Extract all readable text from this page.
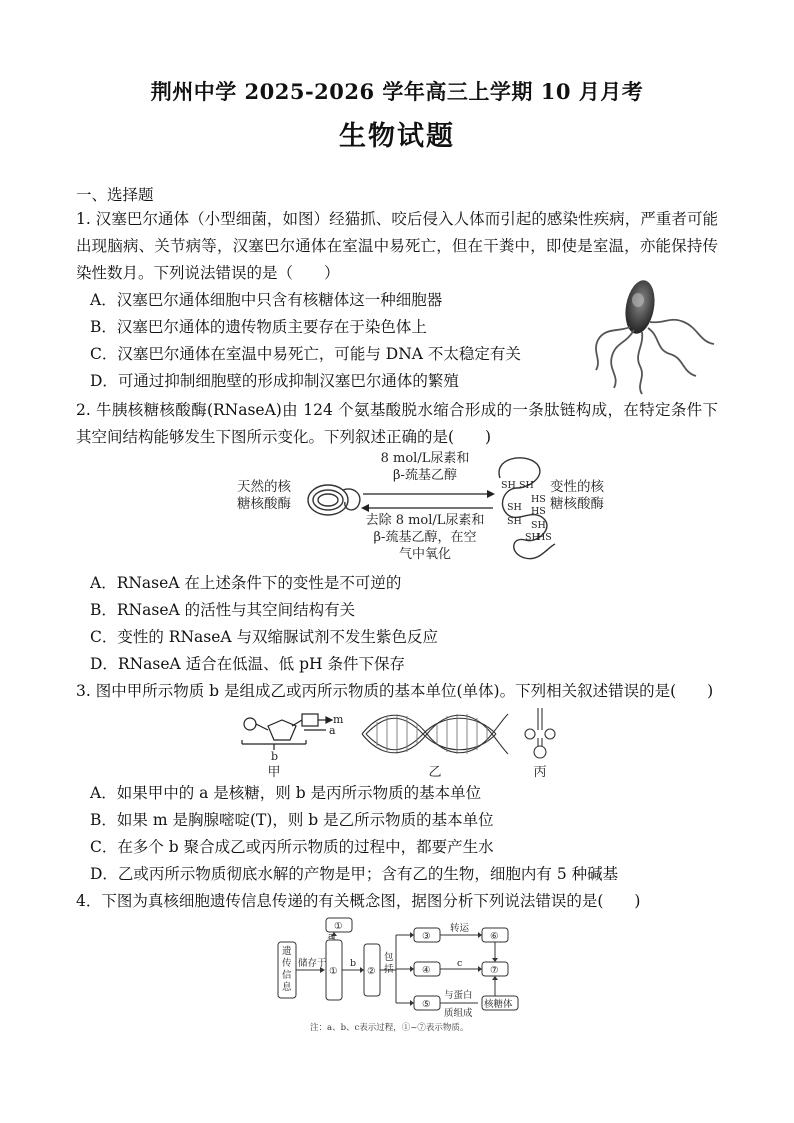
荆州中学 2025-2026 学年高三上学期 10 月月考
生物试题
一、选择题
1. 汉塞巴尔通体（小型细菌，如图）经猫抓、咬后侵入人体而引起的感染性疾病，严重者可能出现脑病、关节病等，汉塞巴尔通体在室温中易死亡，但在干粪中，即使是室温，亦能保持传染性数月。下列说法错误的是（　　）
A．汉塞巴尔通体细胞中只含有核糖体这一种细胞器
B．汉塞巴尔通体的遗传物质主要存在于染色体上
C．汉塞巴尔通体在室温中易死亡，可能与 DNA 不太稳定有关
D．可通过抑制细胞壁的形成抑制汉塞巴尔通体的繁殖
2. 牛胰核糖核酸酶(RNaseA)由 124 个氨基酸脱水缩合形成的一条肽链构成，在特定条件下其空间结构能够发生下图所示变化。下列叙述正确的是(　　)
天然的核
糖核酸酶
8 mol/L尿素和
β-巯基乙醇
去除 8 mol/L尿素和
β-巯基乙醇，在空
气中氧化
SH SH
HS
SH HS
SH SH
SH
HS
变性的核
糖核酸酶
A．RNaseA 在上述条件下的变性是不可逆的
B．RNaseA 的活性与其空间结构有关
C．变性的 RNaseA 与双缩脲试剂不发生紫色反应
D．RNaseA 适合在低温、低 pH 条件下保存
3. 图中甲所示物质 b 是组成乙或丙所示物质的基本单位(单体)。下列相关叙述错误的是(　　)
m
a
b
甲	乙	丙
A．如果甲中的 a 是核糖，则 b 是丙所示物质的基本单位
B．如果 m 是胸腺嘧啶(T)，则 b 是乙所示物质的基本单位
C．在多个 b 聚合成乙或丙所示物质的过程中，都要产生水
D．乙或丙所示物质彻底水解的产物是甲；含有乙的生物，细胞内有 5 种碱基
4．下图为真核细胞遗传信息传递的有关概念图，据图分析下列说法错误的是(　　)
遗
传
信
息
储存于
①
①
a
b
②
包
括
③
④
⑤
转运
c
与蛋白
质组成
⑥
⑦
核糖体
注：a、b、c表示过程，①~⑦表示物质。
